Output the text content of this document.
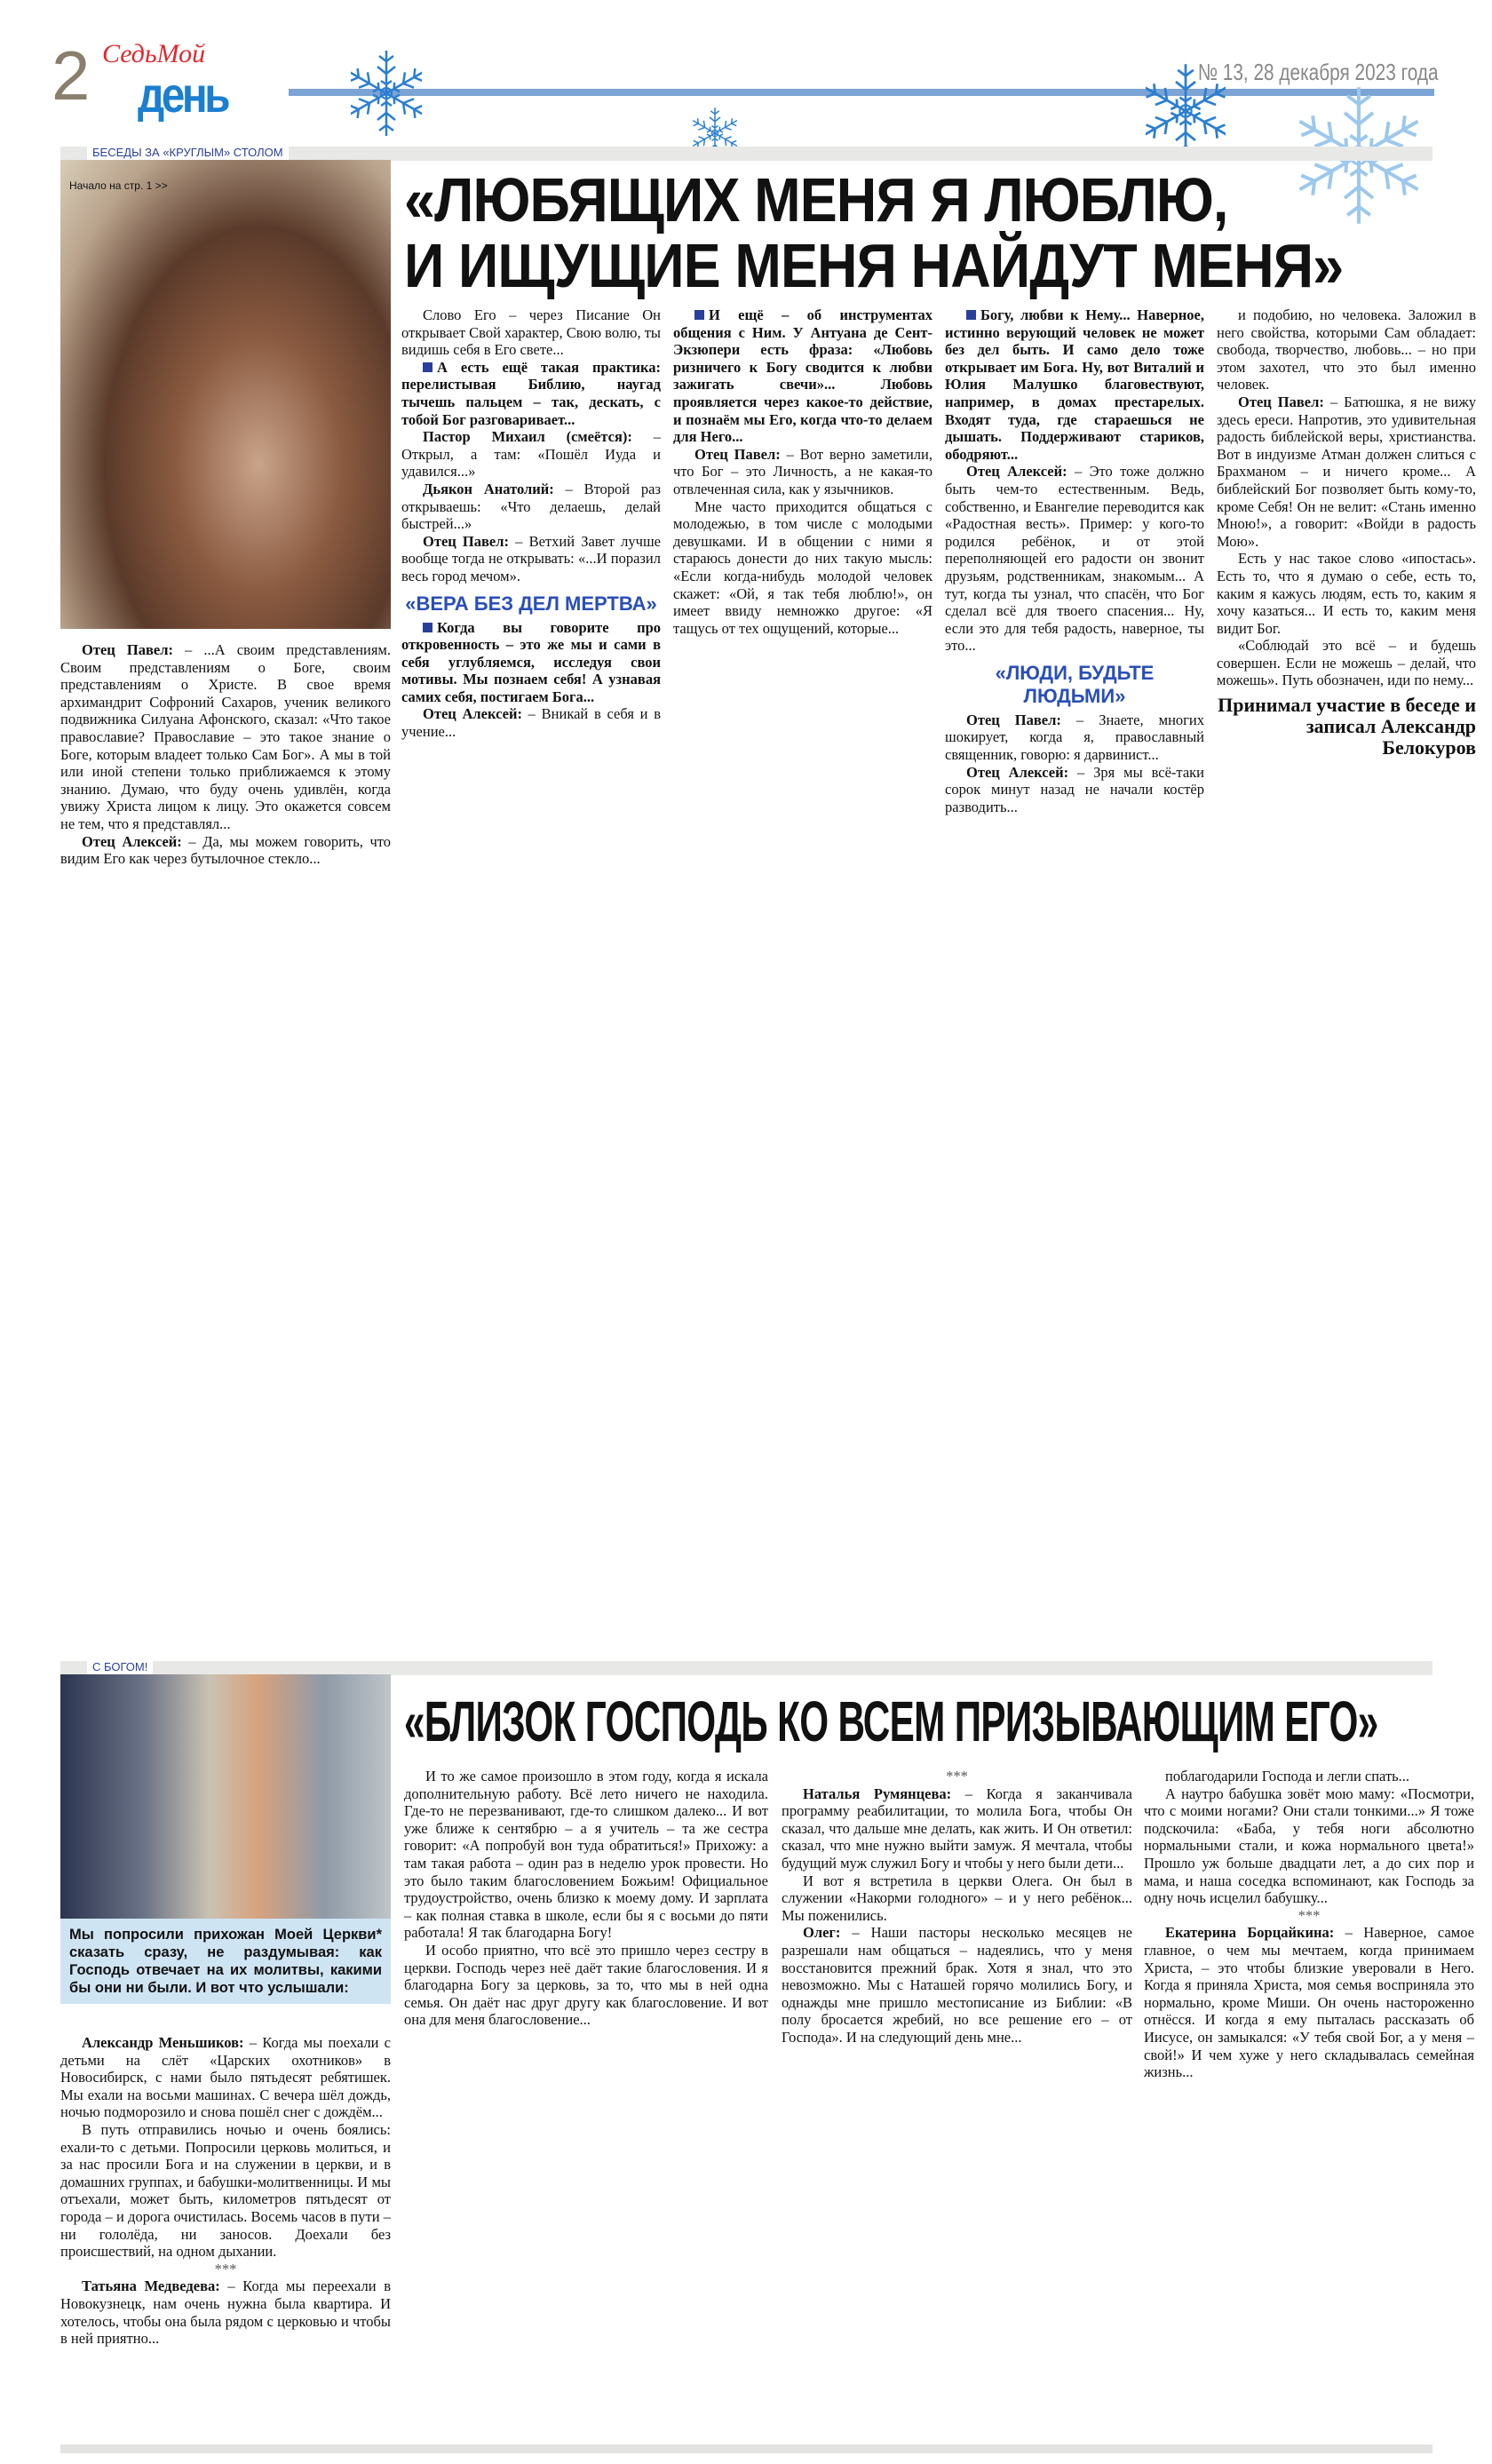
2 СедьМой
день	№ 13, 28 декабря 2023 года
БЕСЕДЫ ЗА «КРУГЛЫМ» СТОЛОМ
Начало на стр. 1 >>	«ЛЮБЯЩИХ МЕНЯ Я ЛЮБЛЮ,
И ИЩУЩИЕ МЕНЯ НАЙДУТ МЕНЯ»

Отец Павел: – ...А своим представлениям. Своим представлениям о Боге, своим представлениям о Христе. В свое время архимандрит Софроний Сахаров, ученик великого подвижника Силуана Афонского, сказал: «Что такое православие? Православие – это такое знание о Боге, которым владеет только Сам Бог». А мы в той или иной степени только приближаемся к этому знанию. Думаю, что буду очень удивлён, когда увижу Христа лицом к лицу. Это окажется совсем не тем, что я представлял...

Отец Алексей: – Да, мы можем говорить, что видим Его как через бутылочное стекло...

Слово Его – через Писание Он открывает Свой характер, Свою волю, ты видишь себя в Его свете...

А есть ещё такая практика: перелистывая Библию, наугад тычешь пальцем – так, дескать, с тобой Бог разговаривает...

Пастор Михаил (смеётся): – Открыл, а там: «Пошёл Иуда и удавился...»

Дьякон Анатолий: – Второй раз открываешь: «Что делаешь, делай быстрей...»

Отец Павел: – Ветхий Завет лучше вообще тогда не открывать: «...И поразил весь город мечом».

«ВЕРА БЕЗ ДЕЛ МЕРТВА»

Когда вы говорите про откровенность – это же мы и сами в себя углубляемся, исследуя свои мотивы. Мы познаем себя! А узнавая самих себя, постигаем Бога...

Отец Алексей: – Вникай в себя и в учение...

И ещё – об инструментах общения с Ним. У Антуана де Сент-Экзюпери есть фраза: «Любовь ризничего к Богу сводится к любви зажигать свечи»... Любовь проявляется через какое-то действие, и познаём мы Его, когда что-то делаем для Него...

Отец Павел: – Вот верно заметили, что Бог – это Личность, а не какая-то отвлеченная сила, как у язычников.

Мне часто приходится общаться с молодежью, в том числе с молодыми девушками. И в общении с ними я стараюсь донести до них такую мысль: «Если когда-нибудь молодой человек скажет: «Ой, я так тебя люблю!», он имеет ввиду немножко другое: «Я тащусь от тех ощущений, которые...

Богу, любви к Нему... Наверное, истинно верующий человек не может без дел быть. И само дело тоже открывает им Бога. Ну, вот Виталий и Юлия Малушко благовествуют, например, в домах престарелых. Входят туда, где стараешься не дышать. Поддерживают стариков, ободряют...

Отец Алексей: – Это тоже должно быть чем-то естественным. Ведь, собственно, и Евангелие переводится как «Радостная весть». Пример: у кого-то родился ребёнок, и от этой переполняющей его радости он звонит друзьям, родственникам, знакомым... А тут, когда ты узнал, что спасён, что Бог сделал всё для твоего спасения... Ну, если это для тебя радость, наверное, ты это...

«ЛЮДИ, БУДЬТЕ ЛЮДЬМИ»

Отец Павел: – Знаете, многих шокирует, когда я, православный священник, говорю: я дарвинист...

Отец Алексей: – Зря мы всё-таки сорок минут назад не начали костёр разводить...

и подобию, но человека. Заложил в него свойства, которыми Сам обладает: свобода, творчество, любовь... – но при этом захотел, что это был именно человек.

Отец Павел: – Батюшка, я не вижу здесь ереси. Напротив, это удивительная радость библейской веры, христианства. Вот в индуизме Атман должен слиться с Брахманом – и ничего кроме... А библейский Бог позволяет быть кому-то, кроме Себя! Он не велит: «Стань именно Мною!», а говорит: «Войди в радость Мою».

Есть у нас такое слово «ипостась». Есть то, что я думаю о себе, есть то, каким я кажусь людям, есть то, каким я хочу казаться... И есть то, каким меня видит Бог.

«Соблюдай это всё – и будешь совершен. Если не можешь – делай, что можешь». Путь обозначен, иди по нему...

Принимал участие в беседе и записал Александр Белокуров

С БОГОМ!
Мы попросили прихожан Моей Церкви* сказать сразу, не раздумывая: как Господь отвечает на их молитвы, какими бы они ни были. И вот что услышали:
«БЛИЗОК ГОСПОДЬ КО ВСЕМ ПРИЗЫВАЮЩИМ ЕГО»

Александр Меньшиков: – Когда мы поехали с детьми на слёт «Царских охотников» в Новосибирск, с нами было пятьдесят ребятишек. Мы ехали на восьми машинах. С вечера шёл дождь, ночью подморозило и снова пошёл снег с дождём...

В путь отправились ночью и очень боялись: ехали-то с детьми. Попросили церковь молиться, и за нас просили Бога и на служении в церкви, и в домашних группах, и бабушки-молитвенницы. И мы отъехали, может быть, километров пятьдесят от города – и дорога очистилась. Восемь часов в пути – ни гололёда, ни заносов. Доехали без происшествий, на одном дыхании.

***

Татьяна Медведева: – Когда мы переехали в Новокузнецк, нам очень нужна была квартира. И хотелось, чтобы она была рядом с церковью и чтобы в ней приятно...

И то же самое произошло в этом году, когда я искала дополнительную работу. Всё лето ничего не находила. Где-то не перезванивают, где-то слишком далеко... И вот уже ближе к сентябрю – а я учитель – та же сестра говорит: «А попробуй вон туда обратиться!» Прихожу: а там такая работа – один раз в неделю урок провести. Но это было таким благословением Божьим! Официальное трудоустройство, очень близко к моему дому. И зарплата – как полная ставка в школе, если бы я с восьми до пяти работала! Я так благодарна Богу!

И особо приятно, что всё это пришло через сестру в церкви. Господь через неё даёт такие благословения. И я благодарна Богу за церковь, за то, что мы в ней одна семья. Он даёт нас друг другу как благословение. И вот она для меня благословение...

***

Наталья Румянцева: – Когда я заканчивала программу реабилитации, то молила Бога, чтобы Он сказал, что дальше мне делать, как жить. И Он ответил: сказал, что мне нужно выйти замуж. Я мечтала, чтобы будущий муж служил Богу и чтобы у него были дети...

И вот я встретила в церкви Олега. Он был в служении «Накорми голодного» – и у него ребёнок... Мы поженились.

Олег: – Наши пасторы несколько месяцев не разрешали нам общаться – надеялись, что у меня восстановится прежний брак. Хотя я знал, что это невозможно. Мы с Наташей горячо молились Богу, и однажды мне пришло местописание из Библии: «В полу бросается жребий, но все решение его – от Господа». И на следующий день мне...

поблагодарили Господа и легли спать...

А наутро бабушка зовёт мою маму: «Посмотри, что с моими ногами? Они стали тонкими...» Я тоже подскочила: «Баба, у тебя ноги абсолютно нормальными стали, и кожа нормального цвета!» Прошло уж больше двадцати лет, а до сих пор и мама, и наша соседка вспоминают, как Господь за одну ночь исцелил бабушку...

***

Екатерина Борцайкина: – Наверное, самое главное, о чем мы мечтаем, когда принимаем Христа, – это чтобы близкие уверовали в Него. Когда я приняла Христа, моя семья восприняла это нормально, кроме Миши. Он очень настороженно отнёсся. И когда я ему пыталась рассказать об Иисусе, он замыкался: «У тебя свой Бог, а у меня – свой!» И чем хуже у него складывалась семейная жизнь...
